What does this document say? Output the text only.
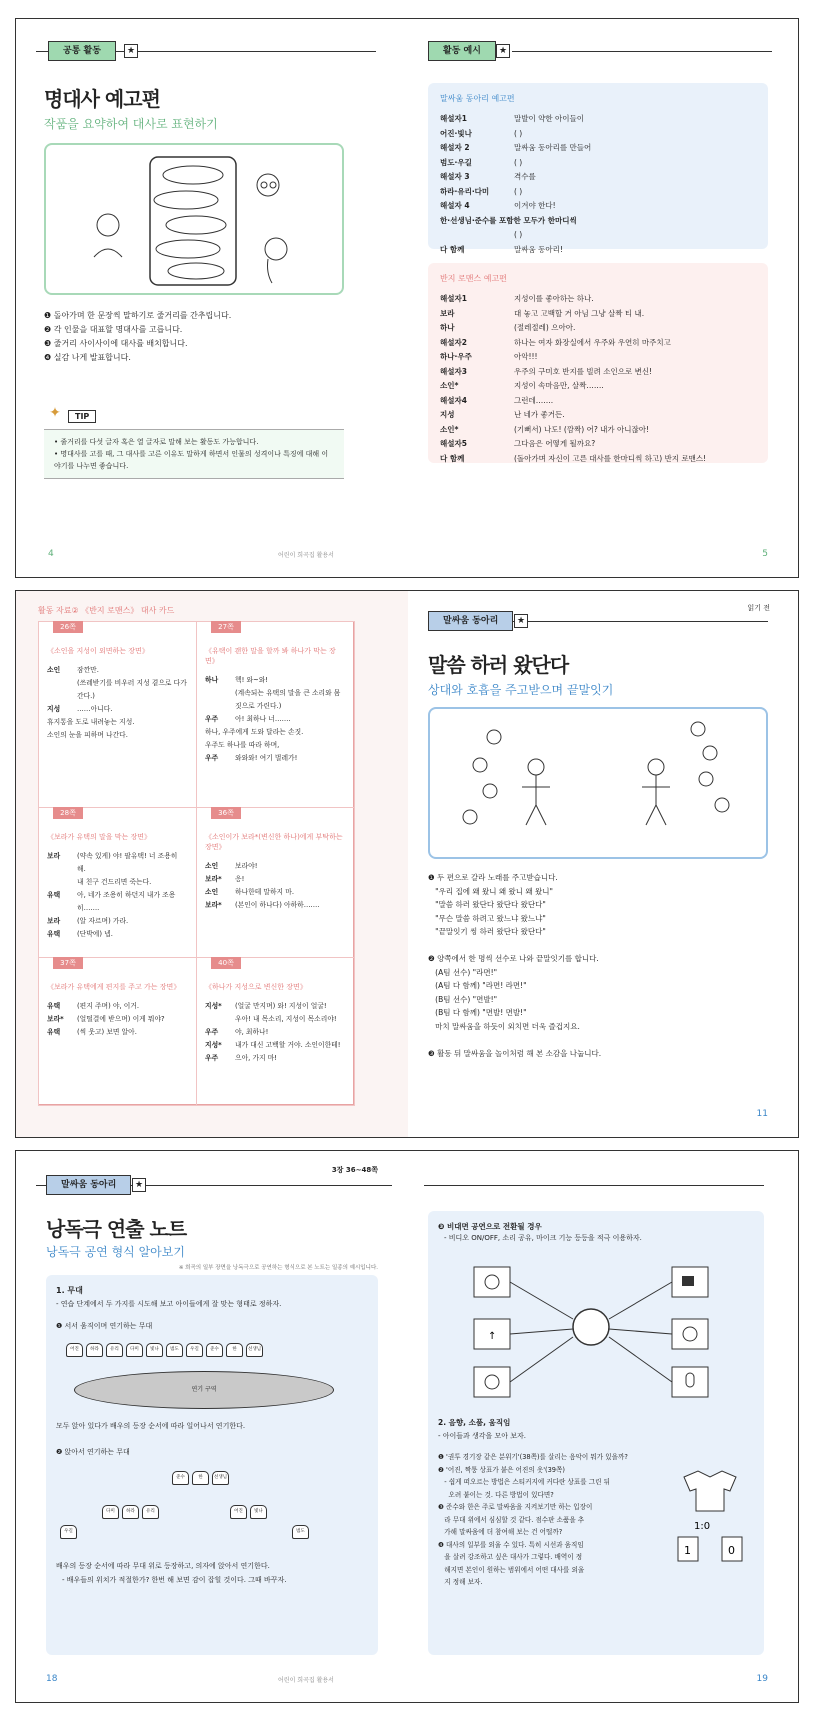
공통 활동	★
명대사 예고편
작품을 요약하여 대사로 표현하기
❶ 돌아가며 한 문장씩 말하기로 줄거리를 간추립니다.
❷ 각 인물을 대표할 명대사를 고릅니다.
❸ 줄거리 사이사이에 대사를 배치합니다.
❹ 실감 나게 발표합니다.
✦	TIP
• 줄거리를 다섯 글자 혹은 열 글자로 말해 보는 활동도 가능합니다.
• 명대사를 고를 때, 그 대사를 고른 이유도 말하게 하면서 인물의 성격이나 특징에 대해 이야기를 나누면 좋습니다.
4	어린이 희곡집 활용서
활동 예시	★
말싸움 동아리 예고편
해설자1	말발이 약한 아이들이
어진·빛나	( )
해설자 2	말싸움 동아리를 만들어
범도·우길	( )
해설자 3	격수를
하라·유리·다미	( )
해설자 4	이겨야 한다!
한·선생님·준수를 포함한 모두가 한마디씩
( )
다 함께	말싸움 동아리!
반지 로맨스 예고편
해설자1	지성이를 좋아하는 하나.
보라	대 놓고 고백할 거 아님 그냥 살짝 티 내.
하나	(절레절레) 으아아.
해설자2	하나는 여자 화장실에서 우주와 우연히 마주치고
하나·우주	아악!!!
해설자3	우주의 구미호 반지를 빌려 소인으로 변신!
소인*	지성이 속마음만, 살짝…….
해설자4	그런데…….
지성	난 네가 좋거든.
소인*	(기뻐서) 나도! (깜짝) 어? 내가 아니잖아!
해설자5	그다음은 어떻게 될까요?
다 함께	(돌아가며 자신이 고른 대사를 한마디씩 하고) 반지 로맨스!
5
활동 자료② 《반지 로맨스》 대사 카드
26쪽
《소인을 지성이 외면하는 장면》
소인	잠깐만.
(쓰레받기를 비우러 지성 곁으로 다가간다.)
지성	……아니다.
휴지통을 도로 내려놓는 지성.
소인의 눈을 피하며 나간다.
27쪽
《유택이 괜한 말을 할까 봐 하나가 막는 장면》
하나	헥! 와~와!
(계속되는 유택의 말을 큰 소리와 몸짓으로 가린다.)
우주	아! 최하나 너…….
하나, 우주에게 도와 달라는 손짓.
우주도 하나를 따라 하며,
우주	와와와! 여기 벌레가!
28쪽
《보라가 유택의 말을 막는 장면》
보라	(약속 있게) 야! 팔유택! 너 조용히 해.
내 친구 건드리면 죽는다.
유택	아, 네가 조용히 하던지 내가 조용히…….
보라	(알 자르며) 가라.
유택	(단박에) 넵.
36쪽
《소인이가 보라*(변신한 하나)에게 부탁하는 장면》
소인	보라야!
보라*	응!
소인	하나한테 말하지 마.
보라*	(본인이 하나다) 아하하…….
37쪽
《보라가 유택에게 편지를 주고 가는 장면》
유택	(편지 주며) 야, 이거.
보라*	(얼떨결에 받으며) 이게 뭐야?
유택	(씩 웃고) 보면 알아.
40쪽
《하나가 지성으로 변신한 장면》
지성*	(얼굴 만지며) 와! 지성이 얼굴!
우아! 내 목소리, 지성이 목소리야!
우주	야, 최하나!
지성*	내가 대신 고백할 거야. 소인이한테!
우주	으아, 가지 마!
읽기 전
말싸움 동아리	★
말씀 하러 왔단다
상대와 호흡을 주고받으며 끝말잇기
❶ 두 편으로 갈라 노래를 주고받습니다.
"우리 집에 왜 왔니 왜 왔니 왜 왔니"
"말씀 하러 왔단다 왔단다 왔단다"
"무슨 말씀 하려고 왔느냐 왔느냐"
"끝말잇기 씽 하러 왔단다 왔단다"

❷ 양쪽에서 한 명씩 선수로 나와 끝말잇기를 합니다.
(A팀 선수) "라면!"
(A팀 다 함께) "라면! 라면!"
(B팀 선수) "면발!"
(B팀 다 함께) "면발! 면발!"
마치 말싸움을 하듯이 외치면 더욱 즐겁지요.

❸ 활동 뒤 말싸움을 놀이처럼 해 본 소감을 나눕니다.
11
말싸움 동아리	★
3장 36~48쪽
낭독극 연출 노트
낭독극 공연 형식 알아보기
※ 희곡의 일부 장면을 낭독극으로 공연하는 형식으로 본 노트는 일종의 예시입니다.
1. 무대
- 연습 단계에서 두 가지를 시도해 보고 아이들에게 잘 맞는 형태로 정하자.
❶ 서서 움직이며 연기하는 무대
어진	하라	유리	다미	빛나	범도	우길	준수	한	선생님
연기 구역
모두 앉아 있다가 배우의 등장 순서에 따라 일어나서 연기한다.
❷ 앉아서 연기하는 무대
준수	한	선생님
다미	하라	유리	어진	빛나
우길	범도
배우의 등장 순서에 따라 무대 위로 등장하고, 의자에 앉아서 연기한다.
- 배우들의 위치가 적절한가? 한번 해 보면 감이 잡힐 것이다. 그때 바꾸자.
18	어린이 희곡집 활용서
❸ 비대면 공연으로 전환될 경우
- 비디오 ON/OFF, 소리 공유, 마이크 기능 등등을 적극 이용하자.
↑
2. 음향, 소품, 움직임
- 아이들과 생각을 모아 보자.
❶ '권투 경기장 같은 분위기'(38쪽)를 살리는 음악이 뭐가 있을까?
❷ '어진, 짝퉁 상표가 붙은 어진의 옷'(39쪽)
- 쉽게 떠오르는 방법은 스티커지에 커다란 상표를 그린 뒤
오려 붙이는 것. 다른 방법이 있다면?
❸ 준수와 한은 주로 말싸움을 지켜보기만 하는 입장이
라 무대 위에서 심심할 것 같다. 점수판 소품을 추
가해 말싸움에 더 참여해 보는 건 어떨까?
❹ 대사의 일부를 외울 수 있다. 특히 시선과 움직임
을 살려 강조하고 싶은 대사가 그렇다. 배역이 정
해지면 본인이 원하는 범위에서 어떤 대사를 외울
지 정해 보자.
1	0
1:0
19
